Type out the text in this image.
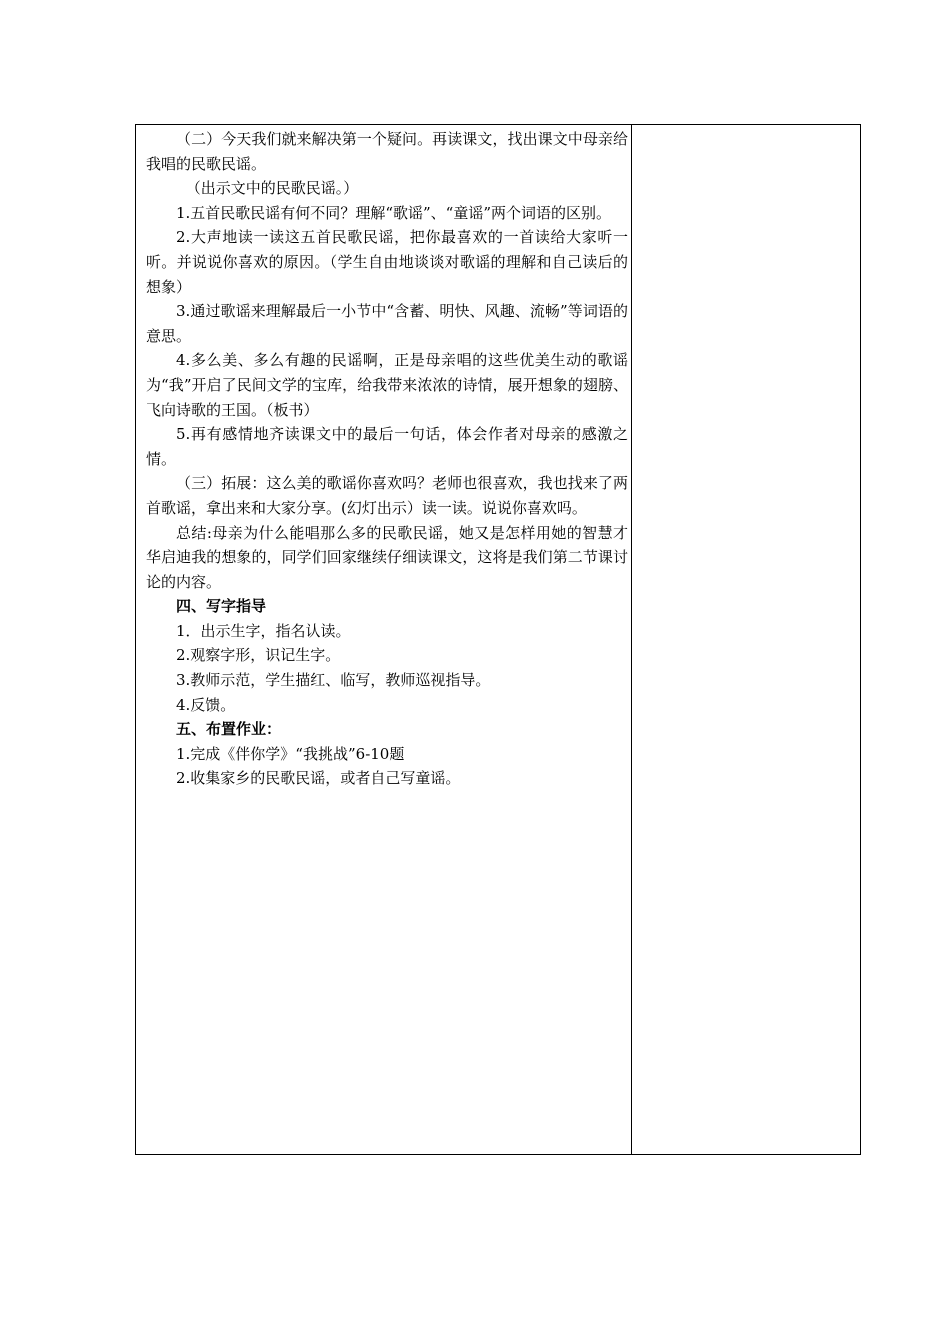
（二）今天我们就来解决第一个疑问。再读课文，找出课文中母亲给我唱的民歌民谣。

（出示文中的民歌民谣。）

1.五首民歌民谣有何不同？理解“歌谣”、“童谣”两个词语的区别。

2.大声地读一读这五首民歌民谣，把你最喜欢的一首读给大家听一听。并说说你喜欢的原因。（学生自由地谈谈对歌谣的理解和自己读后的想象）

3.通过歌谣来理解最后一小节中“含蓄、明快、风趣、流畅”等词语的意思。

4.多么美、多么有趣的民谣啊，正是母亲唱的这些优美生动的歌谣为“我”开启了民间文学的宝库，给我带来浓浓的诗情，展开想象的翅膀、飞向诗歌的王国。（板书）

5.再有感情地齐读课文中的最后一句话，体会作者对母亲的感激之情。

（三）拓展：这么美的歌谣你喜欢吗？老师也很喜欢，我也找来了两首歌谣，拿出来和大家分享。(幻灯出示）读一读。说说你喜欢吗。

总结:母亲为什么能唱那么多的民歌民谣，她又是怎样用她的智慧才华启迪我的想象的，同学们回家继续仔细读课文，这将是我们第二节课讨论的内容。

四、写字指导

1．出示生字，指名认读。

2.观察字形，识记生字。

3.教师示范，学生描红、临写，教师巡视指导。

4.反馈。

五、布置作业：

1.完成《伴你学》“我挑战”6-10题

2.收集家乡的民歌民谣，或者自己写童谣。
